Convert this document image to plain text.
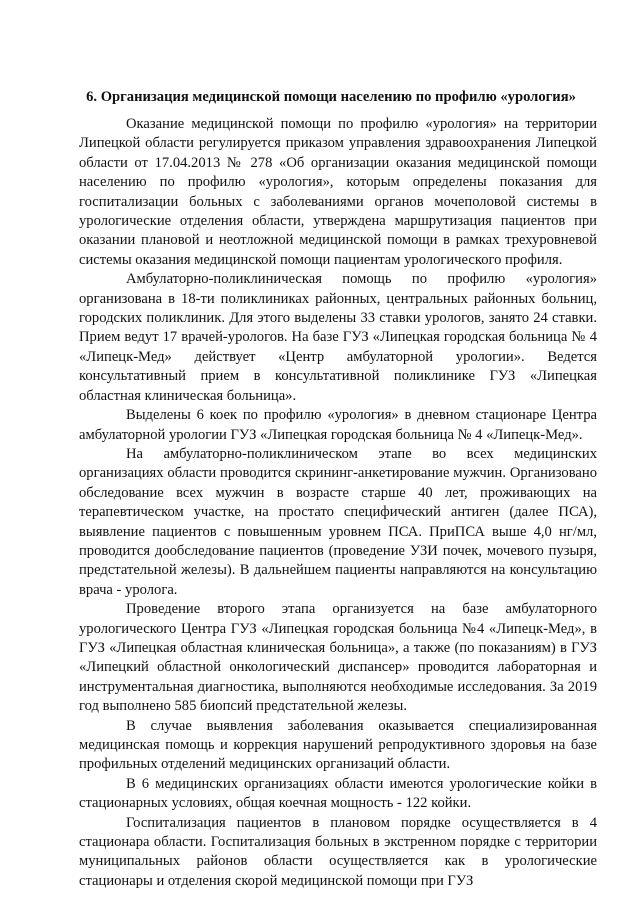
6. Организация медицинской помощи населению по профилю «урология»

Оказание медицинской помощи по профилю «урология» на территории Липецкой области регулируется приказом управления здравоохранения Липецкой области от 17.04.2013 № 278 «Об организации оказания медицинской помощи населению по профилю «урология», которым определены показания для госпитализации больных с заболеваниями органов мочеполовой системы в урологические отделения области, утверждена маршрутизация пациентов при оказании плановой и неотложной медицинской помощи в рамках трехуровневой системы оказания медицинской помощи пациентам урологического профиля.

Амбулаторно-поликлиническая помощь по профилю «урология» организована в 18-ти поликлиниках районных, центральных районных больниц, городских поликлиник. Для этого выделены 33 ставки урологов, занято 24 ставки. Прием ведут 17 врачей-урологов. На базе ГУЗ «Липецкая городская больница № 4 «Липецк-Мед» действует «Центр амбулаторной урологии». Ведется консультативный прием в консультативной поликлинике ГУЗ «Липецкая областная клиническая больница».

Выделены 6 коек по профилю «урология» в дневном стационаре Центра амбулаторной урологии ГУЗ «Липецкая городская больница № 4 «Липецк-Мед».

На амбулаторно-поликлиническом этапе во всех медицинских организациях области проводится скрининг-анкетирование мужчин. Организовано обследование всех мужчин в возрасте старше 40 лет, проживающих на терапевтическом участке, на простато специфический антиген (далее ПСА), выявление пациентов с повышенным уровнем ПСА. ПриПСА выше 4,0 нг/мл, проводится дообследование пациентов (проведение УЗИ почек, мочевого пузыря, предстательной железы). В дальнейшем пациенты направляются на консультацию врача - уролога.

Проведение второго этапа организуется на базе амбулаторного урологического Центра ГУЗ «Липецкая городская больница №4 «Липецк-Мед», в ГУЗ «Липецкая областная клиническая больница», а также (по показаниям) в ГУЗ «Липецкий областной онкологический диспансер» проводится лабораторная и инструментальная диагностика, выполняются необходимые исследования. За 2019 год выполнено 585 биопсий предстательной железы.

В случае выявления заболевания оказывается специализированная медицинская помощь и коррекция нарушений репродуктивного здоровья на базе профильных отделений медицинских организаций области.

В 6 медицинских организациях области имеются урологические койки в стационарных условиях, общая коечная мощность - 122 койки.

Госпитализация пациентов в плановом порядке осуществляется в 4 стационара области. Госпитализация больных в экстренном порядке с территории муниципальных районов области осуществляется как в урологические стационары и отделения скорой медицинской помощи при ГУЗ
